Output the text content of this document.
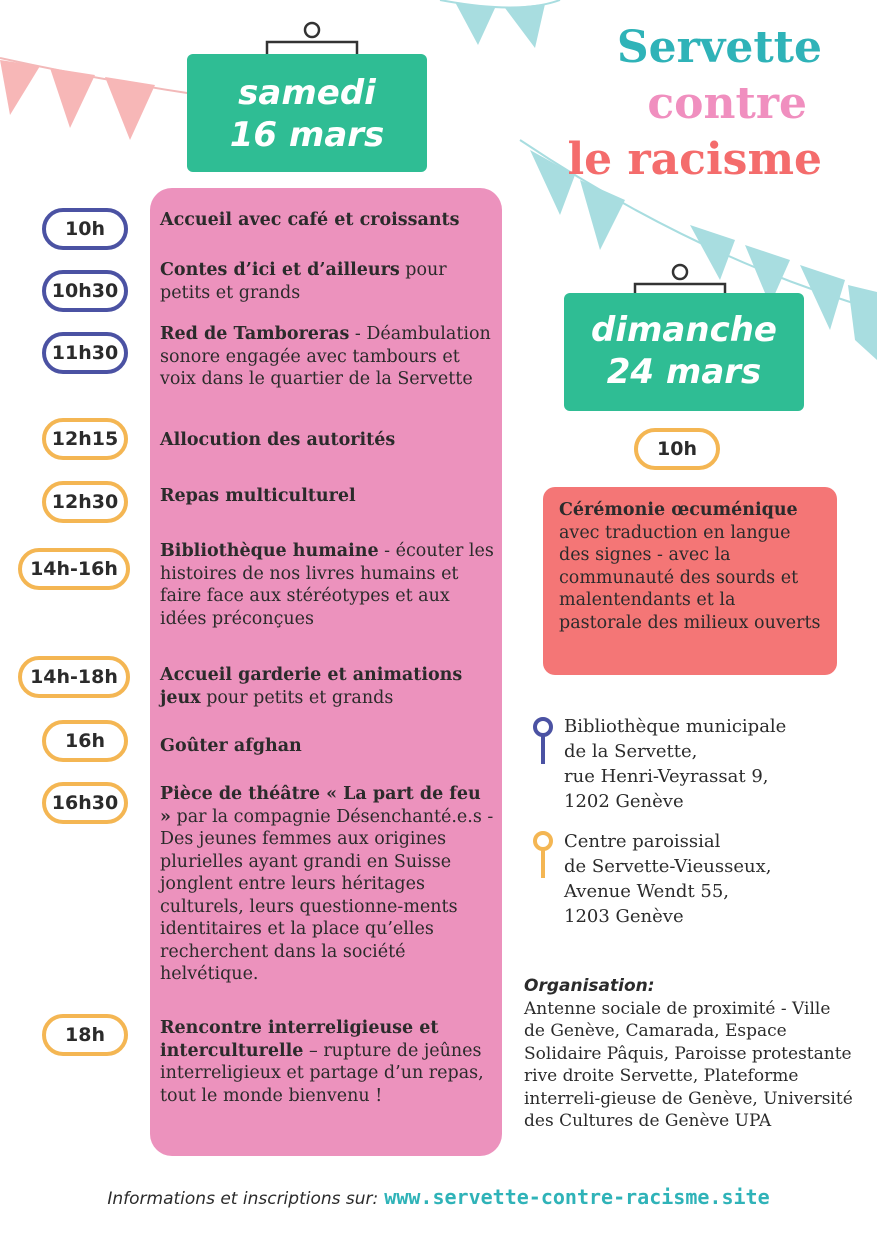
Servette
contre
le racisme
samedi
16 mars
dimanche
24 mars
10h
10h30
11h30
12h15
12h30
14h-16h
14h-18h
16h
16h30
18h
Accueil avec café et croissants
Contes d’ici et d’ailleurs pour petits et grands
Red de Tamboreras - Déambulation sonore engagée avec tambours et voix dans le quartier de la Servette
Allocution des autorités
Repas multiculturel
Bibliothèque humaine - écouter les histoires de nos livres humains et faire face aux stéréotypes et aux idées préconçues
Accueil garderie et animations jeux pour petits et grands
Goûter afghan
Pièce de théâtre « La part de feu » par la compagnie Désenchanté.e.s - Des jeunes femmes aux origines plurielles ayant grandi en Suisse jonglent entre leurs héritages culturels, leurs questionne-ments identitaires et la place qu’elles recherchent dans la société helvétique.
Rencontre interreligieuse et interculturelle – rupture de jeûnes interreligieux et partage d’un repas, tout le monde bienvenu !
10h
Cérémonie œcuménique avec traduction en langue des signes - avec la communauté des sourds et malentendants et la pastorale des milieux ouverts
Bibliothèque municipale
de la Servette,
rue Henri-Veyrassat 9,
1202 Genève
Centre paroissial
de Servette-Vieusseux,
Avenue Wendt 55,
1203 Genève
Organisation:
Antenne sociale de proximité - Ville de Genève, Camarada, Espace Solidaire Pâquis, Paroisse protestante rive droite Servette, Plateforme interreli-gieuse de Genève, Université des Cultures de Genève UPA
Informations et inscriptions sur: www.servette-contre-racisme.site
